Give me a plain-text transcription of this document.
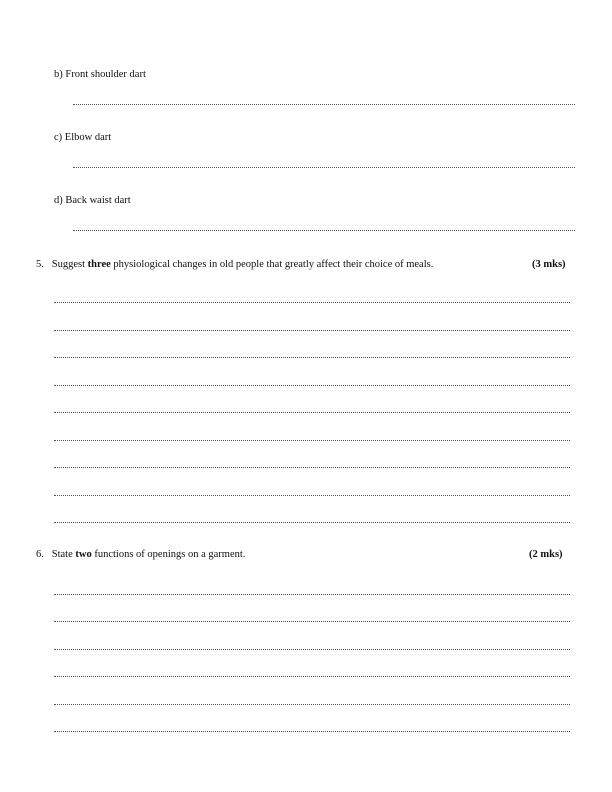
b) Front shoulder dart
c) Elbow dart
d) Back waist dart
5. Suggest three physiological changes in old people that greatly affect their choice of meals.	(3 mks)
6. State two functions of openings on a garment.	(2 mks)
